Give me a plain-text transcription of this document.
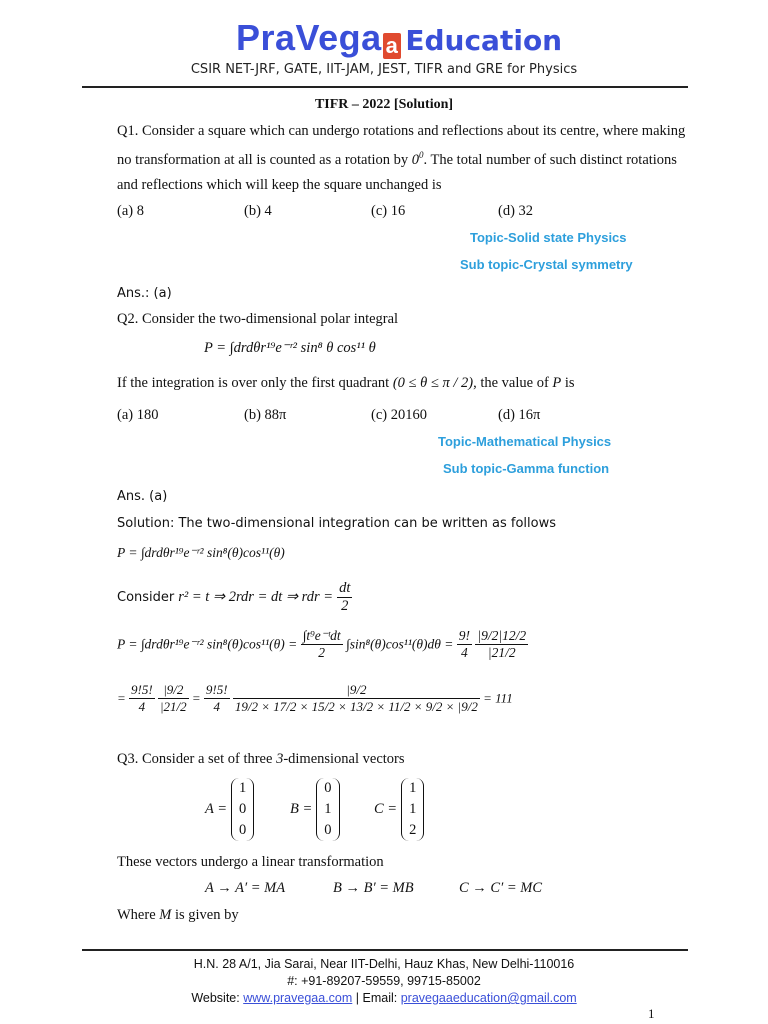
PraVega a Education
CSIR NET-JRF, GATE, IIT-JAM, JEST, TIFR and GRE for Physics
TIFR – 2022 [Solution]
Q1. Consider a square which can undergo rotations and reflections about its centre, where making
no transformation at all is counted as a rotation by $0^0$. The total number of such distinct rotations
and reflections which will keep the square unchanged is
(a) 8	(b) 4	(c) 16	(d) 32
Topic-Solid state Physics
Sub topic-Crystal symmetry
Ans.: (a)
Q2. Consider the two-dimensional polar integral
P = ∫drdθr¹⁹e⁻ʳ² sin⁸ θ cos¹¹ θ
If the integration is over only the first quadrant (0 ≤ θ ≤ π / 2), the value of P is
(a) 180	(b) 88π	(c) 20160	(d) 16π
Topic-Mathematical Physics
Sub topic-Gamma function
Ans. (a)
Solution: The two-dimensional integration can be written as follows
P = ∫drdθr¹⁹e⁻ʳ² sin⁸(θ)cos¹¹(θ)
Consider r² = t ⇒ 2rdr = dt ⇒ rdr = $\frac{dt}{2}$
P = ∫drdθr¹⁹e⁻ʳ² $\sin^8(\theta)\cos^{11}(\theta) = \frac{\text{∫t⁹e⁻ᵗdt}}{2} \int\sin^8(\theta)\cos^{11}(\theta)d\theta = \frac{9!}{4}$
$\frac{|9/2|12/2}{|21/2}$
= $\frac{9!5!}{4}$
$\frac{|9/2}{|21/2} = \frac{9!5!}{4}$
$\frac{|9/2}{19/2 \times 17/2 \times 15/2 \times 13/2 \times 11/2 \times 9/2 \times |9/2} = 111$
Q3. Consider a set of three 3-dimensional vectors
A = 1
0
0
B = 0
1
0
C = 1
1
2
These vectors undergo a linear transformation
A → A′ = MA	B → B′ = MB	C → C′ = MC
Where M is given by
H.N. 28 A/1, Jia Sarai, Near IIT-Delhi, Hauz Khas, New Delhi-110016
#: +91-89207-59559, 99715-85002
Website: www.pravegaa.com | Email: pravegaaeducation@gmail.com
1
